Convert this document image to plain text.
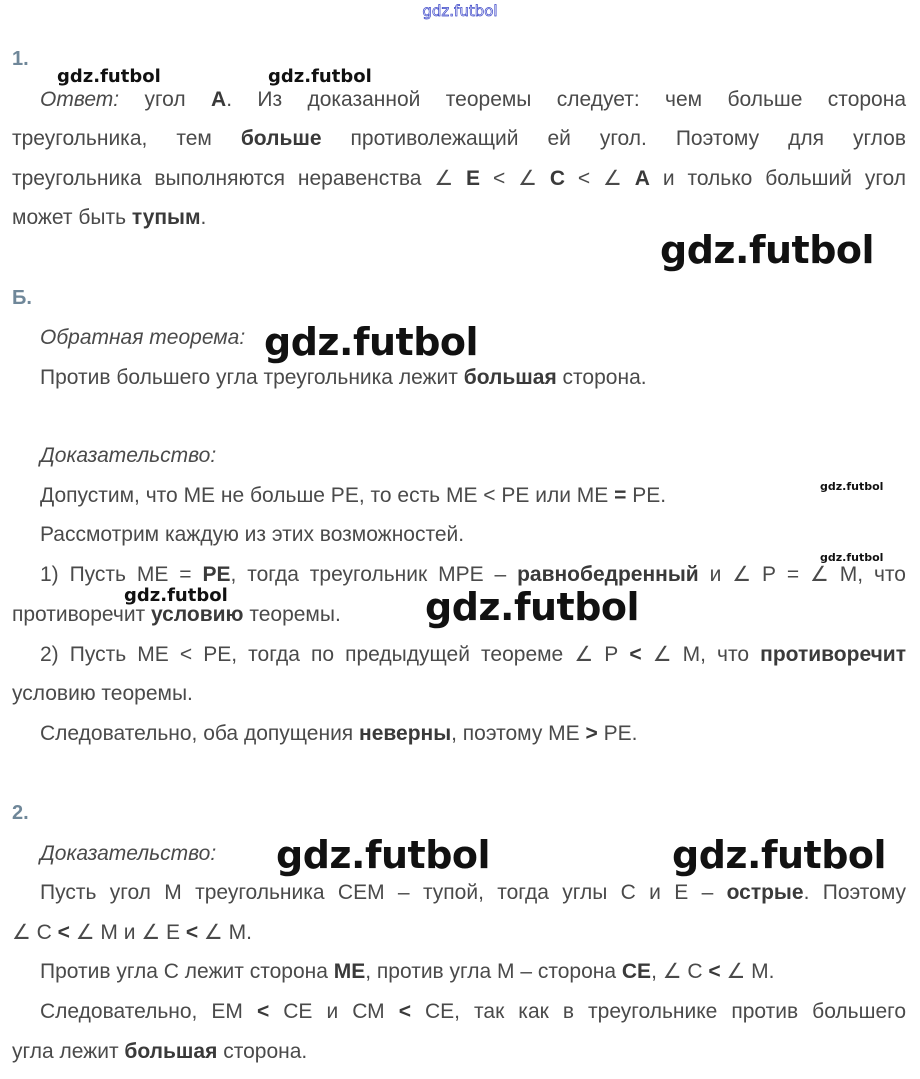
gdz.futbol
1.
gdz.futbol	gdz.futbol
Ответ: угол А. Из доказанной теоремы следует: чем больше сторона
треугольника, тем больше противолежащий ей угол. Поэтому для углов
треугольника выполняются неравенства ∠ Е < ∠ С < ∠ А и только больший угол
может быть тупым.
gdz.futbol
Б.
Обратная теорема: gdz.futbol
Против большего угла треугольника лежит большая сторона.
Доказательство:
Допустим, что МЕ не больше РЕ, то есть МЕ < РЕ или МЕ = РЕ.	gdz.futbol
Рассмотрим каждую из этих возможностей.
gdz.futbol
1) Пусть МЕ = РЕ, тогда треугольник МРЕ – равнобедренный и ∠ Р = ∠ М, что
gdz.futbol
противоречит условию теоремы.	gdz.futbol
2) Пусть МЕ < РЕ, тогда по предыдущей теореме ∠ Р < ∠ М, что противоречит
условию теоремы.
Следовательно, оба допущения неверны, поэтому МЕ > РЕ.
2.
Доказательство:	gdz.futbol	gdz.futbol
Пусть угол М треугольника СЕМ – тупой, тогда углы С и Е – острые. Поэтому
∠ С < ∠ М и ∠ Е < ∠ М.
Против угла С лежит сторона МЕ, против угла М – сторона СЕ, ∠ С < ∠ М.
Следовательно, ЕМ < СЕ и СМ < СЕ, так как в треугольнике против большего
угла лежит большая сторона.
